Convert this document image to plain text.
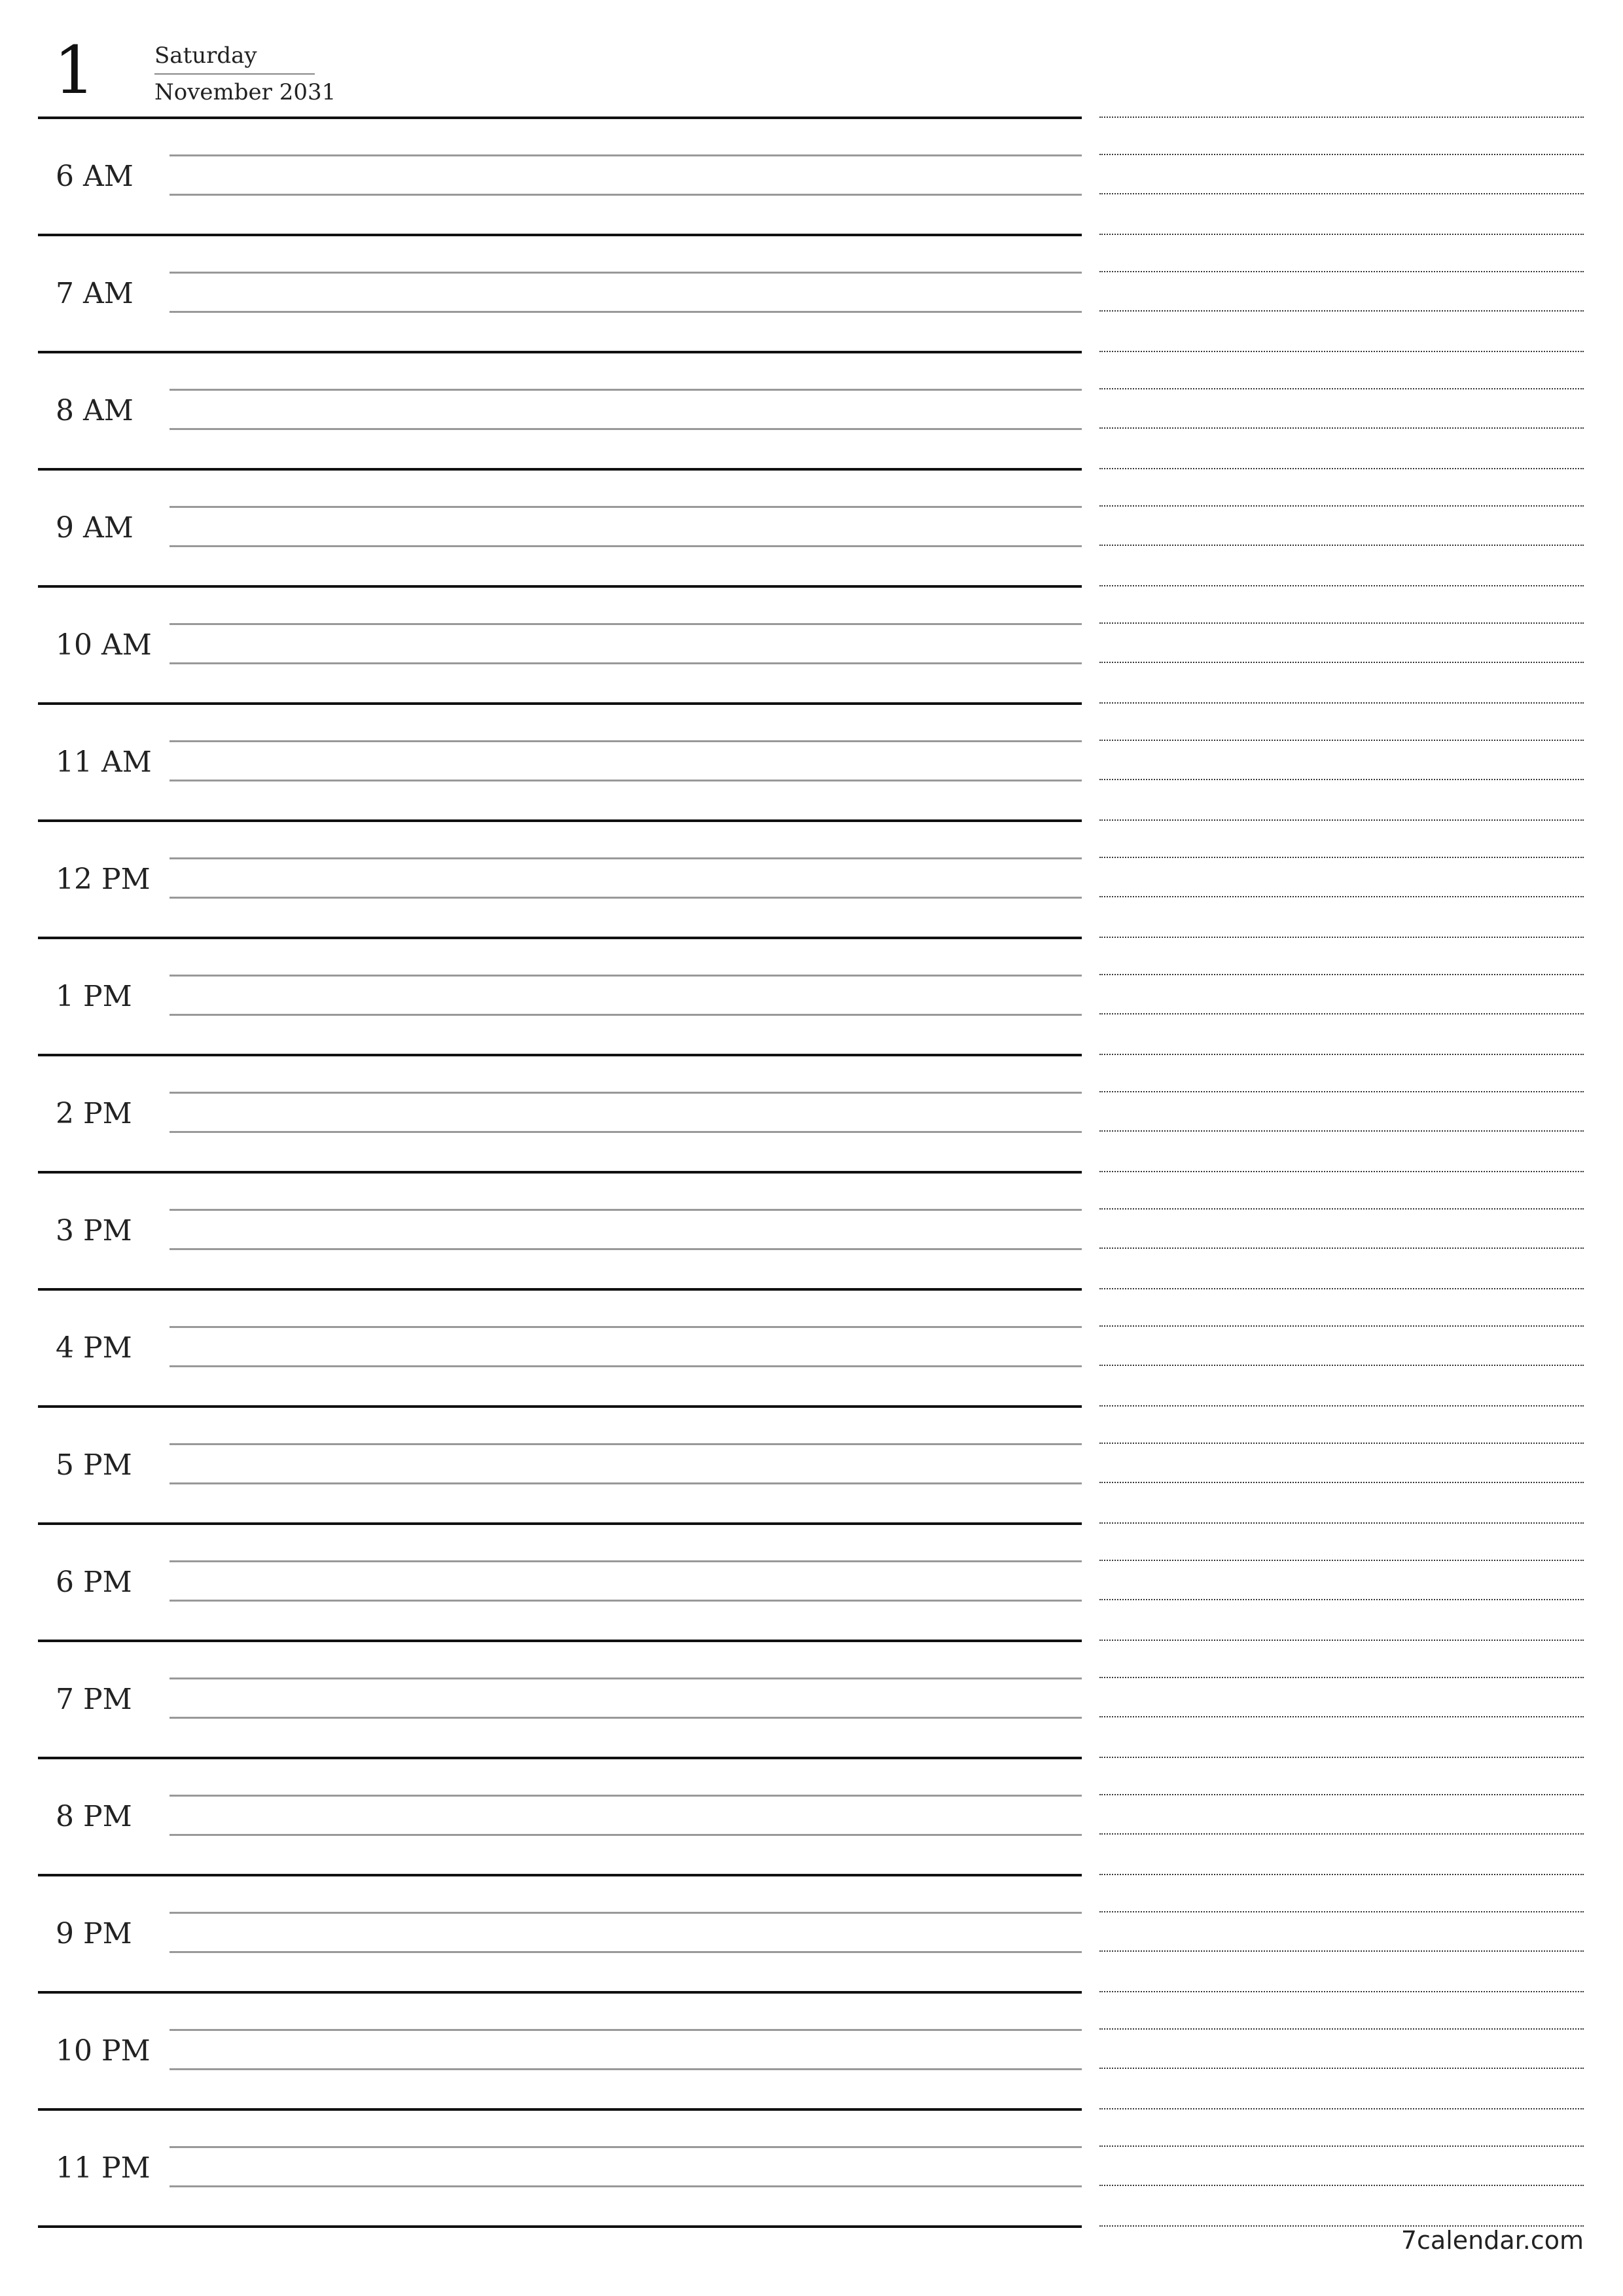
1	Saturday
November 2031
6 AM
7 AM
8 AM
9 AM
10 AM
11 AM
12 PM
1 PM
2 PM
3 PM
4 PM
5 PM
6 PM
7 PM
8 PM
9 PM
10 PM
11 PM
7calendar.com
